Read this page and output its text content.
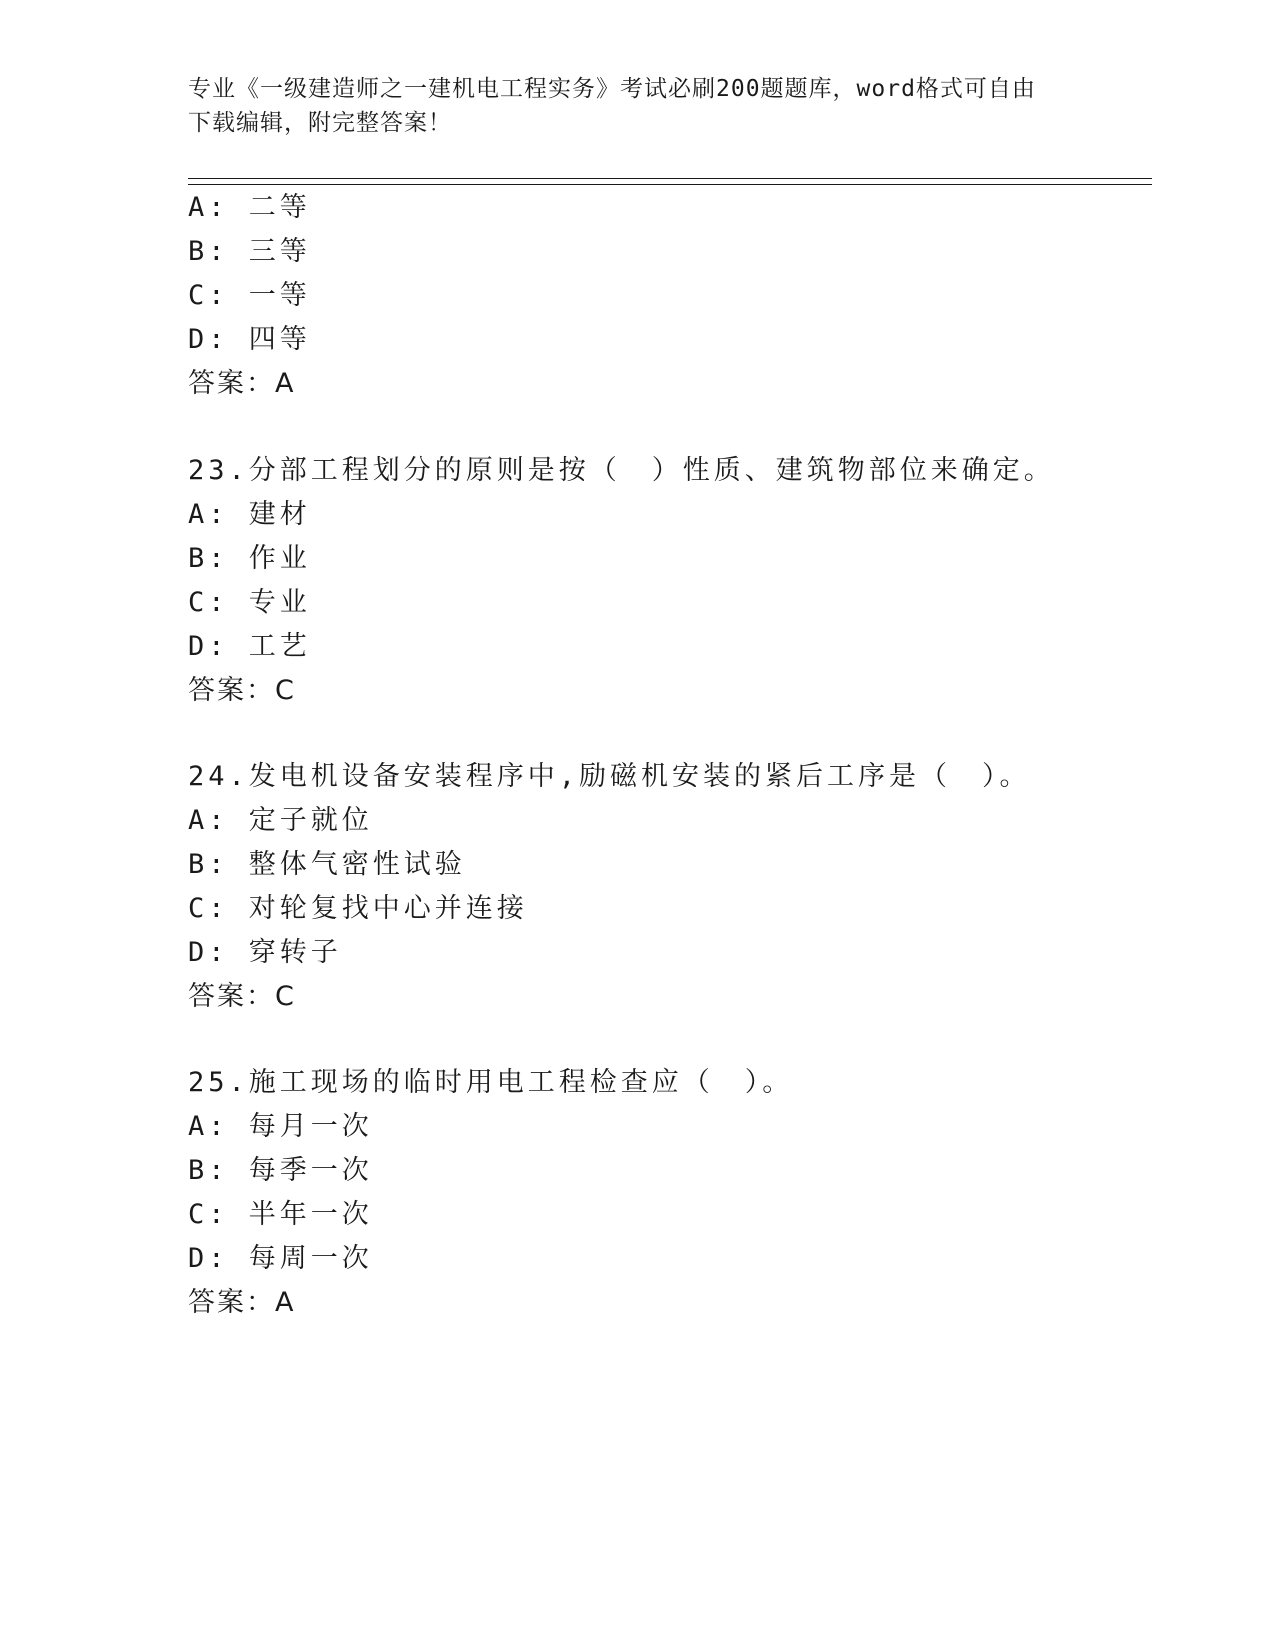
专业《一级建造师之一建机电工程实务》考试必刷200题题库，word格式可自由

下载编辑，附完整答案！

A: 二等
B: 三等
C: 一等
D: 四等
答案：A
23.分部工程划分的原则是按（　）性质、建筑物部位来确定。
A: 建材
B: 作业
C: 专业
D: 工艺
答案：C
24.发电机设备安装程序中,励磁机安装的紧后工序是（　）。
A: 定子就位
B: 整体气密性试验
C: 对轮复找中心并连接
D: 穿转子
答案：C
25.施工现场的临时用电工程检查应（　）。
A: 每月一次
B: 每季一次
C: 半年一次
D: 每周一次
答案：A
